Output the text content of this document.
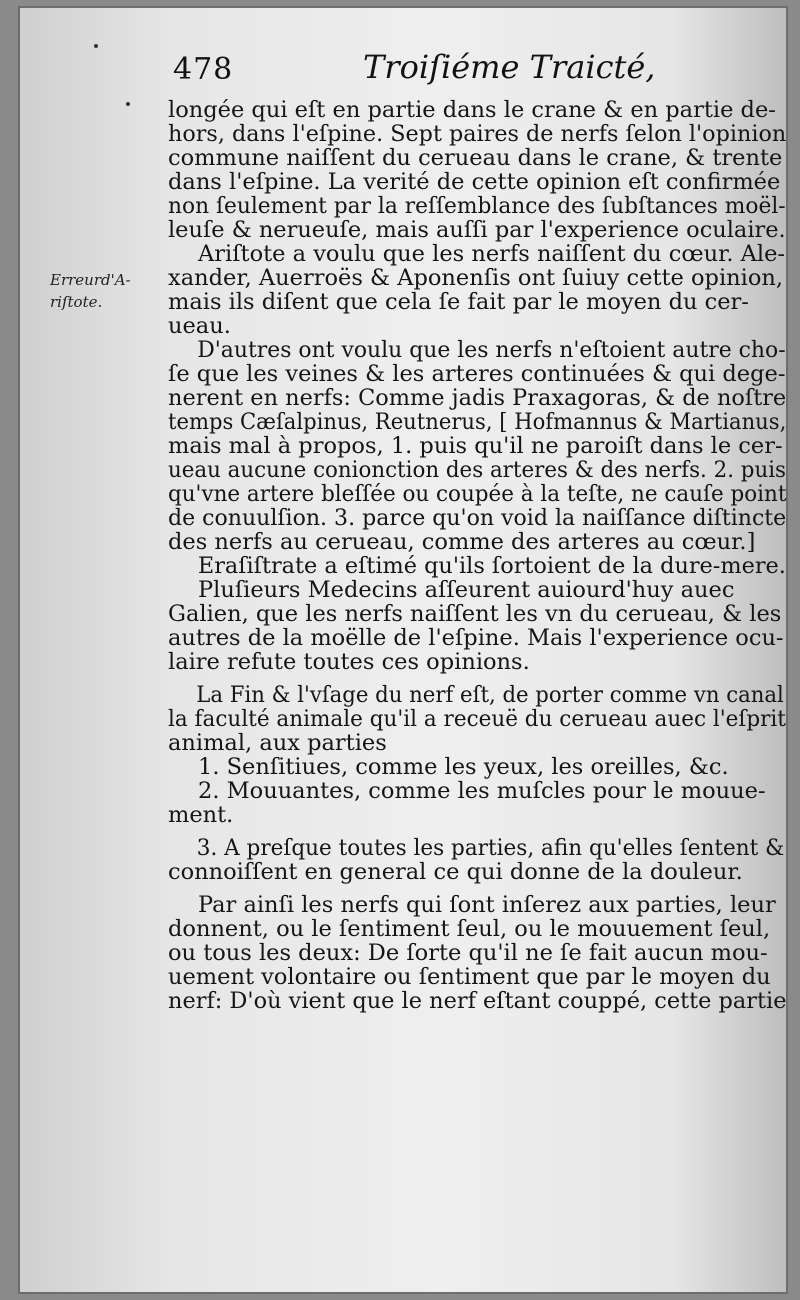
478	Troiſiéme Traicté,
Erreurd'A-
riſtote.
longée qui eſt en partie dans le crane & en partie de-
hors, dans l'eſpine. Sept paires de nerfs ſelon l'opinion
commune naiſſent du cerueau dans le crane, & trente
dans l'eſpine. La verité de cette opinion eſt confirmée
non ſeulement par la reſſemblance des ſubſtances moël-
leuſe & nerueuſe, mais auſſi par l'experience oculaire.
Ariſtote a voulu que les nerfs naiſſent du cœur. Ale-
xander, Auerroës & Aponenſis ont ſuiuy cette opinion,
mais ils diſent que cela ſe fait par le moyen du cer-
ueau.
D'autres ont voulu que les nerfs n'eſtoient autre cho-
ſe que les veines & les arteres continuées & qui dege-
nerent en nerfs: Comme jadis Praxagoras, & de noſtre
temps Cæſalpinus, Reutnerus, [ Hofmannus & Martianus,
mais mal à propos, 1. puis qu'il ne paroiſt dans le cer-
ueau aucune conionction des arteres & des nerfs. 2. puis
qu'vne artere bleſſée ou coupée à la teſte, ne cauſe point
de conuulſion. 3. parce qu'on void la naiſſance diſtincte
des nerfs au cerueau, comme des arteres au cœur.]
Eraſiſtrate a eſtimé qu'ils ſortoient de la dure-mere.
Pluſieurs Medecins aſſeurent auiourd'huy auec
Galien, que les nerfs naiſſent les vn du cerueau, & les
autres de la moëlle de l'eſpine. Mais l'experience ocu-
laire refute toutes ces opinions.
La Fin & l'vſage du nerf eſt, de porter comme vn canal
la faculté animale qu'il a receuë du cerueau auec l'eſprit
animal, aux parties
1. Senſitiues, comme les yeux, les oreilles, &c.
2. Mouuantes, comme les muſcles pour le mouue-
ment.
3. A preſque toutes les parties, afin qu'elles ſentent &
connoiſſent en general ce qui donne de la douleur.
Par ainſi les nerfs qui ſont inſerez aux parties, leur
donnent, ou le ſentiment ſeul, ou le mouuement ſeul,
ou tous les deux: De ſorte qu'il ne ſe fait aucun mou-
uement volontaire ou ſentiment que par le moyen du
nerf: D'où vient que le nerf eſtant couppé, cette partie
